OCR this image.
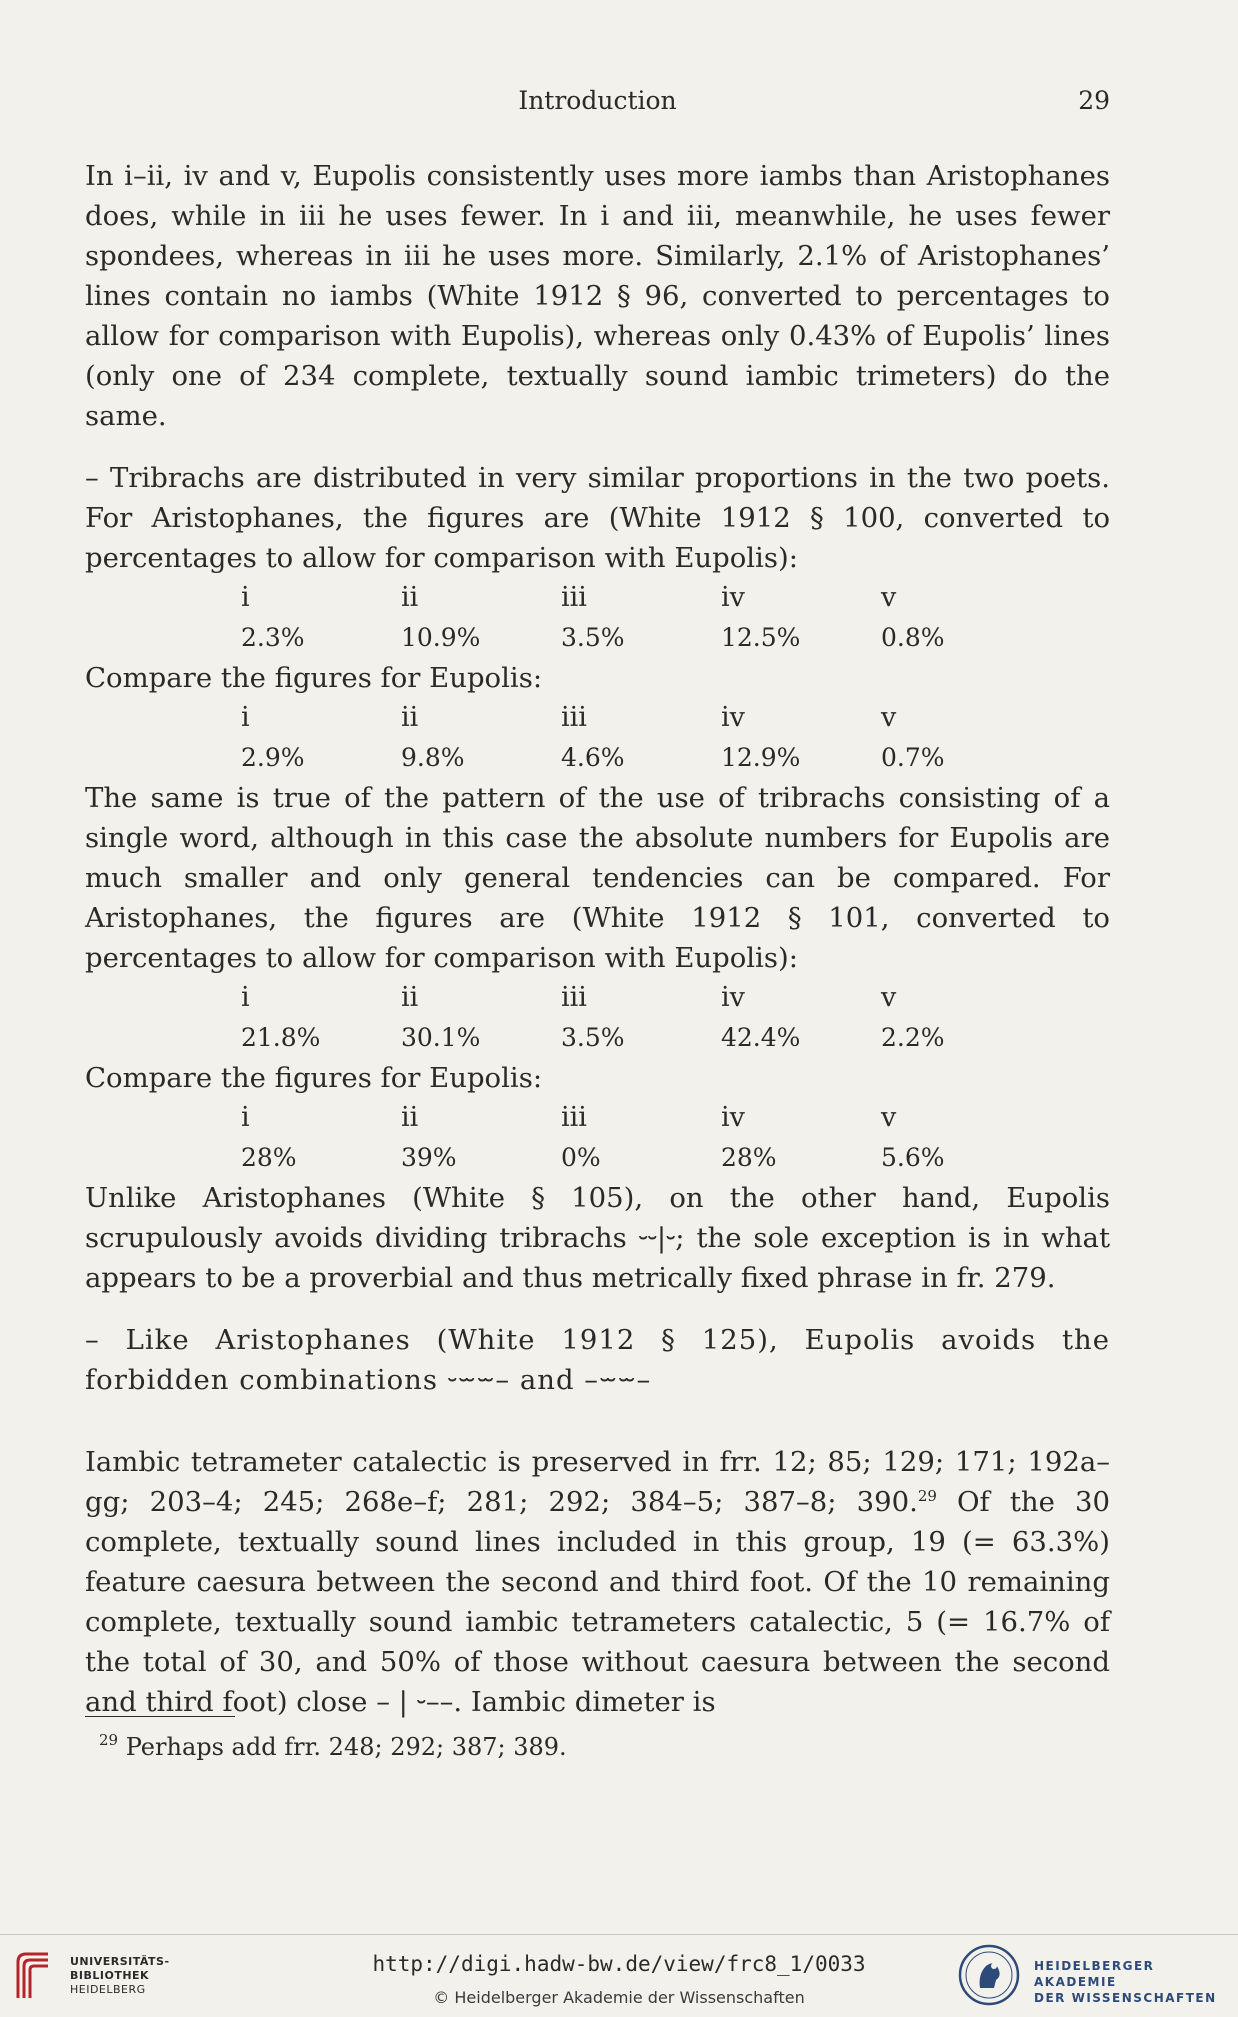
Introduction	29

In i–ii, iv and v, Eupolis consistently uses more iambs than Aristophanes does, while in iii he uses fewer. In i and iii, meanwhile, he uses fewer spondees, whereas in iii he uses more. Similarly, 2.1% of Aristophanes’ lines contain no iambs (White 1912 § 96, converted to percentages to allow for comparison with Eupolis), whereas only 0.43% of Eupolis’ lines (only one of 234 complete, textually sound iambic trimeters) do the same.

– Tribrachs are distributed in very similar proportions in the two poets. For Aristophanes, the figures are (White 1912 § 100, converted to percentages to allow for comparison with Eupolis):

i	ii	iii	iv	v
2.3%	10.9%	3.5%	12.5%	0.8%

Compare the figures for Eupolis:

i	ii	iii	iv	v
2.9%	9.8%	4.6%	12.9%	0.7%

The same is true of the pattern of the use of tribrachs consisting of a single word, although in this case the absolute numbers for Eupolis are much smaller and only general tendencies can be compared. For Aristophanes, the figures are (White 1912 § 101, converted to percentages to allow for comparison with Eupolis):

i	ii	iii	iv	v
21.8%	30.1%	3.5%	42.4%	2.2%

Compare the figures for Eupolis:

i	ii	iii	iv	v
28%	39%	0%	28%	5.6%

Unlike Aristophanes (White § 105), on the other hand, Eupolis scrupulously avoids dividing tribrachs ⏑⏑|⏑; the sole exception is in what appears to be a proverbial and thus metrically fixed phrase in fr. 279.

– Like Aristophanes (White 1912 § 125), Eupolis avoids the forbidden combinations ⏑⏖⏖– and –⏖⏖–

Iambic tetrameter catalectic is preserved in frr. 12; 85; 129; 171; 192a–gg; 203–4; 245; 268e–f; 281; 292; 384–5; 387–8; 390.29 Of the 30 complete, textually sound lines included in this group, 19 (= 63.3%) feature caesura between the second and third foot. Of the 10 remaining complete, textually sound iambic tetrameters catalectic, 5 (= 16.7% of the total of 30, and 50% of those without caesura between the second and third foot) close – | ⏑––. Iambic dimeter is

$^{29}$ Perhaps add frr. 248; 292; 387; 389.
UNIVERSITÄTS-
BIBLIOTHEK
HEIDELBERG
http://digi.hadw-bw.de/view/frc8_1/0033
© Heidelberger Akademie der Wissenschaften
HEIDELBERGER AKADEMIE
DER WISSENSCHAFTEN
